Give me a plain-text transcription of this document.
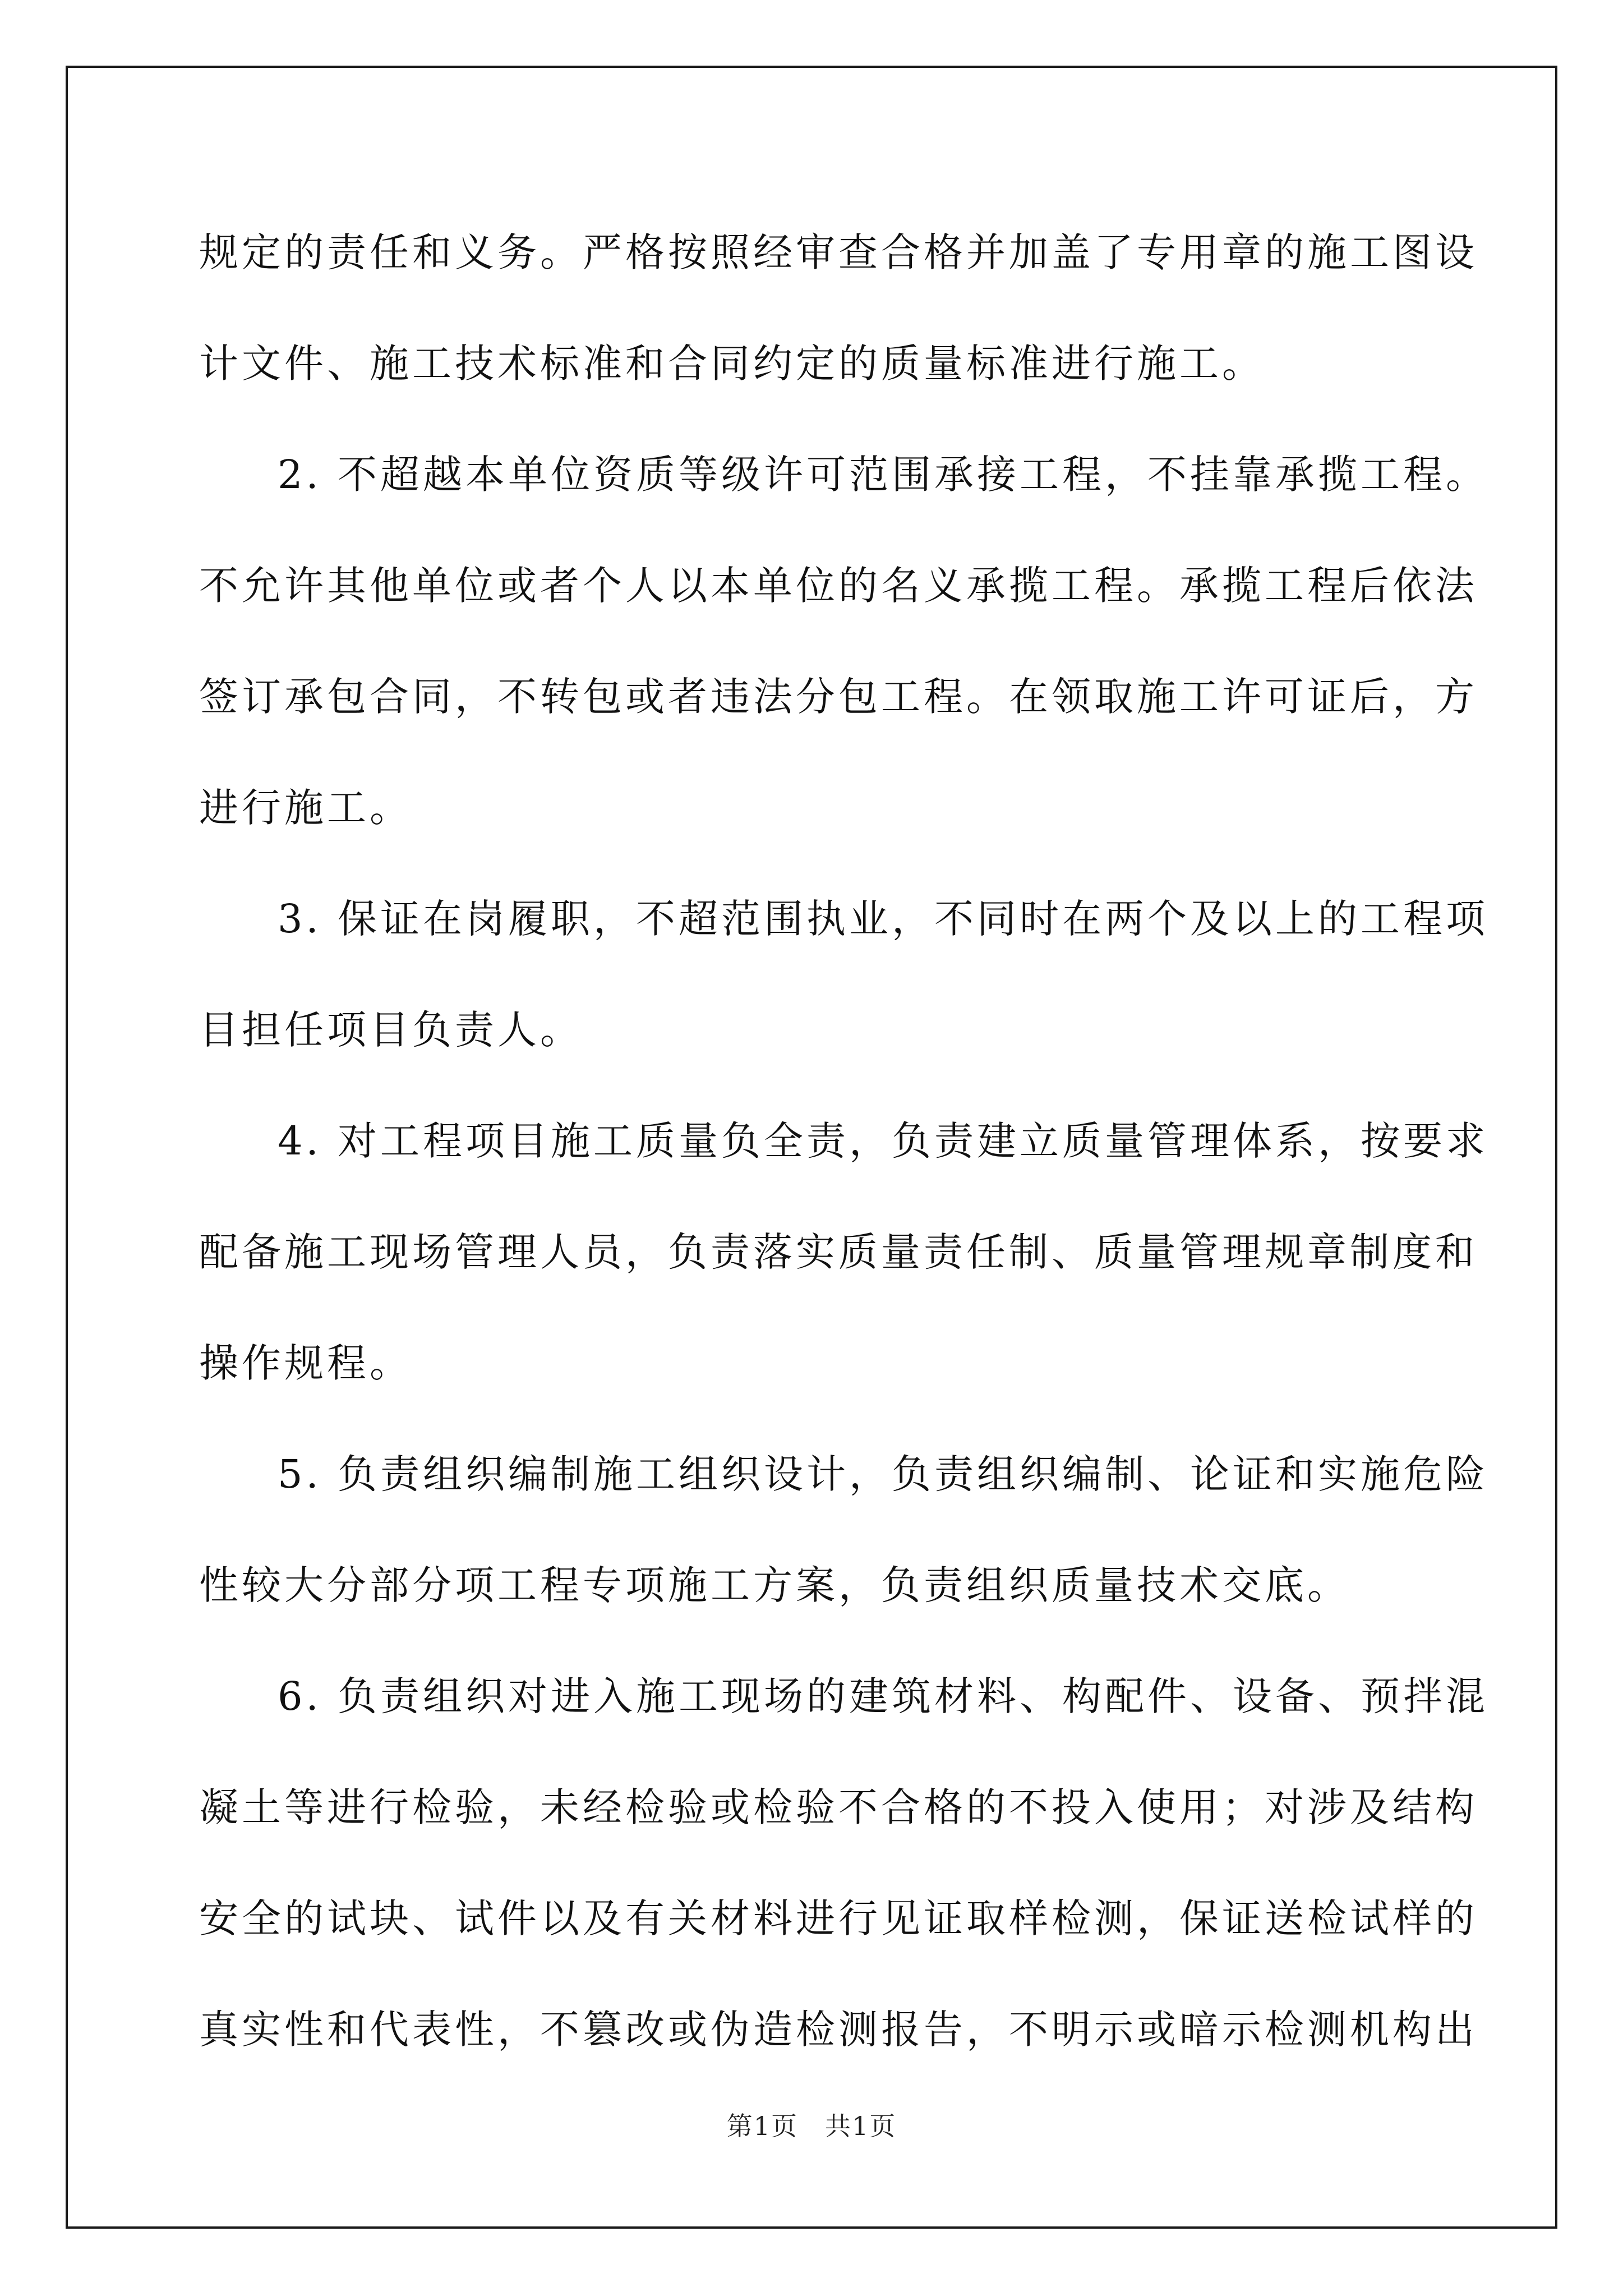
规定的责任和义务。严格按照经审查合格并加盖了专用章的施工图设
计文件、施工技术标准和合同约定的质量标准进行施工。
2. 不超越本单位资质等级许可范围承接工程，不挂靠承揽工程。
不允许其他单位或者个人以本单位的名义承揽工程。承揽工程后依法
签订承包合同，不转包或者违法分包工程。在领取施工许可证后，方
进行施工。
3. 保证在岗履职，不超范围执业，不同时在两个及以上的工程项
目担任项目负责人。
4. 对工程项目施工质量负全责，负责建立质量管理体系，按要求
配备施工现场管理人员，负责落实质量责任制、质量管理规章制度和
操作规程。
5. 负责组织编制施工组织设计，负责组织编制、论证和实施危险
性较大分部分项工程专项施工方案，负责组织质量技术交底。
6. 负责组织对进入施工现场的建筑材料、构配件、设备、预拌混
凝土等进行检验，未经检验或检验不合格的不投入使用；对涉及结构
安全的试块、试件以及有关材料进行见证取样检测，保证送检试样的
真实性和代表性，不篡改或伪造检测报告，不明示或暗示检测机构出
第1页　共1页
